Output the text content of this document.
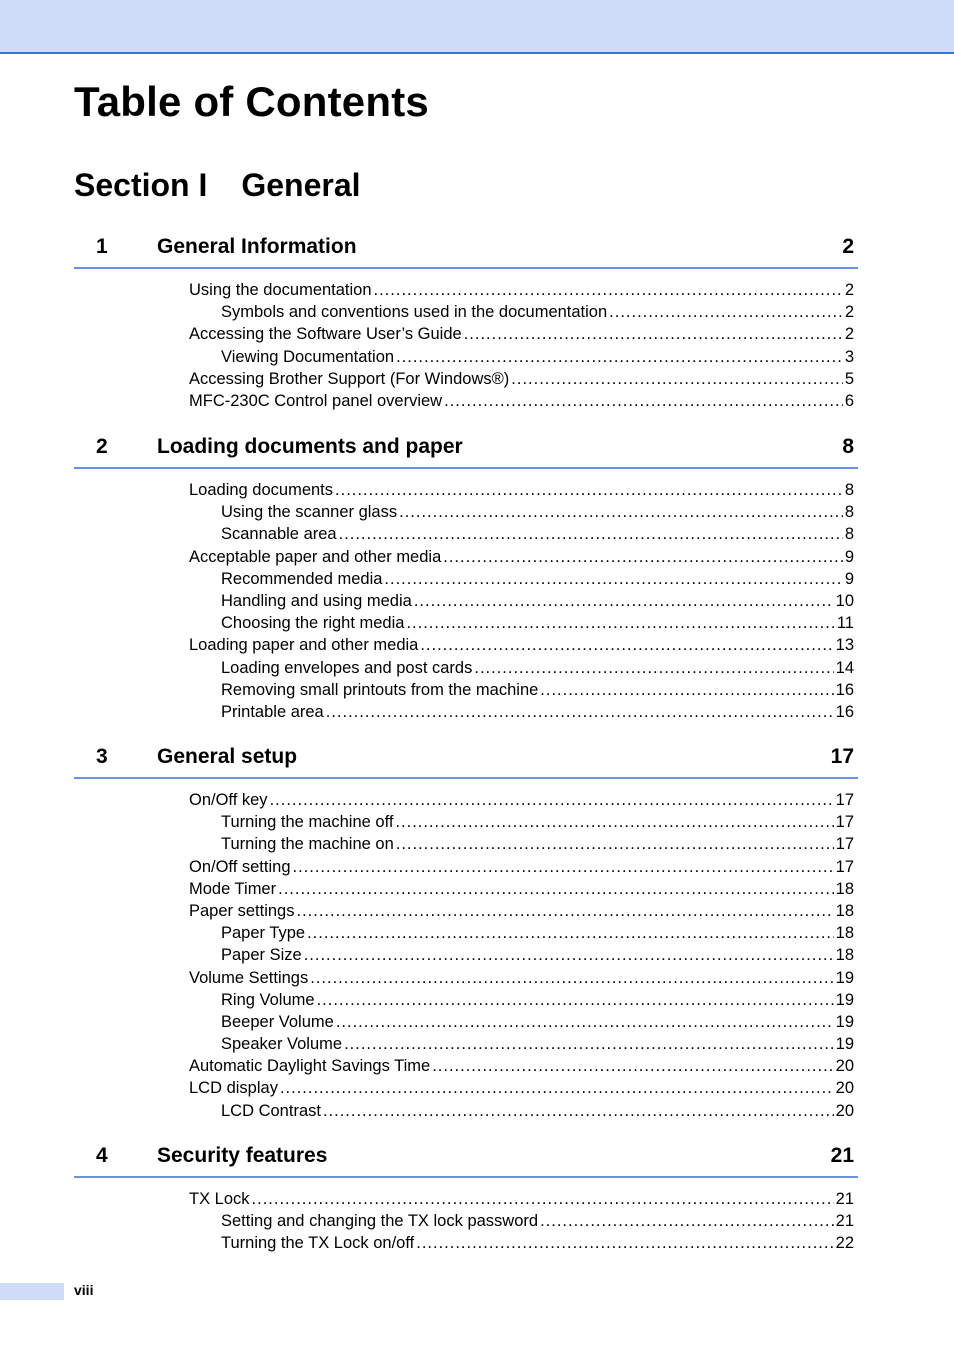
Table of Contents
Section I General
1 General Information	2
Using the documentation .....	2
Symbols and conventions used in the documentation .....	2
Accessing the Software User’s Guide .....	2
Viewing Documentation .....	3
Accessing Brother Support (For Windows®) .....	5
MFC-230C Control panel overview .....	6
2 Loading documents and paper	8
Loading documents .....	8
Using the scanner glass .....	8
Scannable area .....	8
Acceptable paper and other media .....	9
Recommended media .....	9
Handling and using media .....	10
Choosing the right media .....	11
Loading paper and other media .....	13
Loading envelopes and post cards .....	14
Removing small printouts from the machine .....	16
Printable area .....	16
3 General setup	17
On/Off key .....	17
Turning the machine off .....	17
Turning the machine on .....	17
On/Off setting .....	17
Mode Timer .....	18
Paper settings .....	18
Paper Type .....	18
Paper Size .....	18
Volume Settings .....	19
Ring Volume .....	19
Beeper Volume .....	19
Speaker Volume .....	19
Automatic Daylight Savings Time .....	20
LCD display .....	20
LCD Contrast .....	20
4 Security features	21
TX Lock .....	21
Setting and changing the TX lock password .....	21
Turning the TX Lock on/off .....	22
viii
